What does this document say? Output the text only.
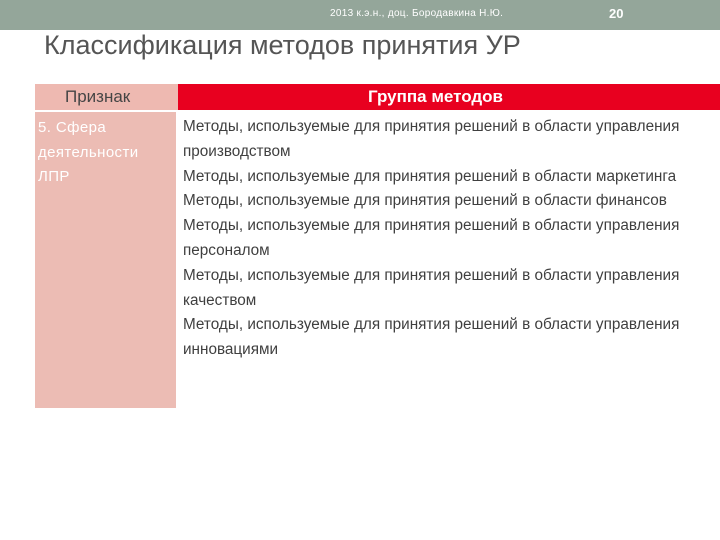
2013 к.э.н., доц. Бородавкина Н.Ю.	20
Классификация методов принятия УР
Признак	Группа методов
5. Сфера деятельности ЛПР
Методы, используемые для принятия решений в области управления производством
Методы, используемые для принятия решений в области маркетинга
Методы, используемые для принятия решений в области финансов
Методы, используемые для принятия решений в области управления персоналом
Методы, используемые для принятия решений в области управления качеством
Методы, используемые для принятия решений в области управления инновациями
